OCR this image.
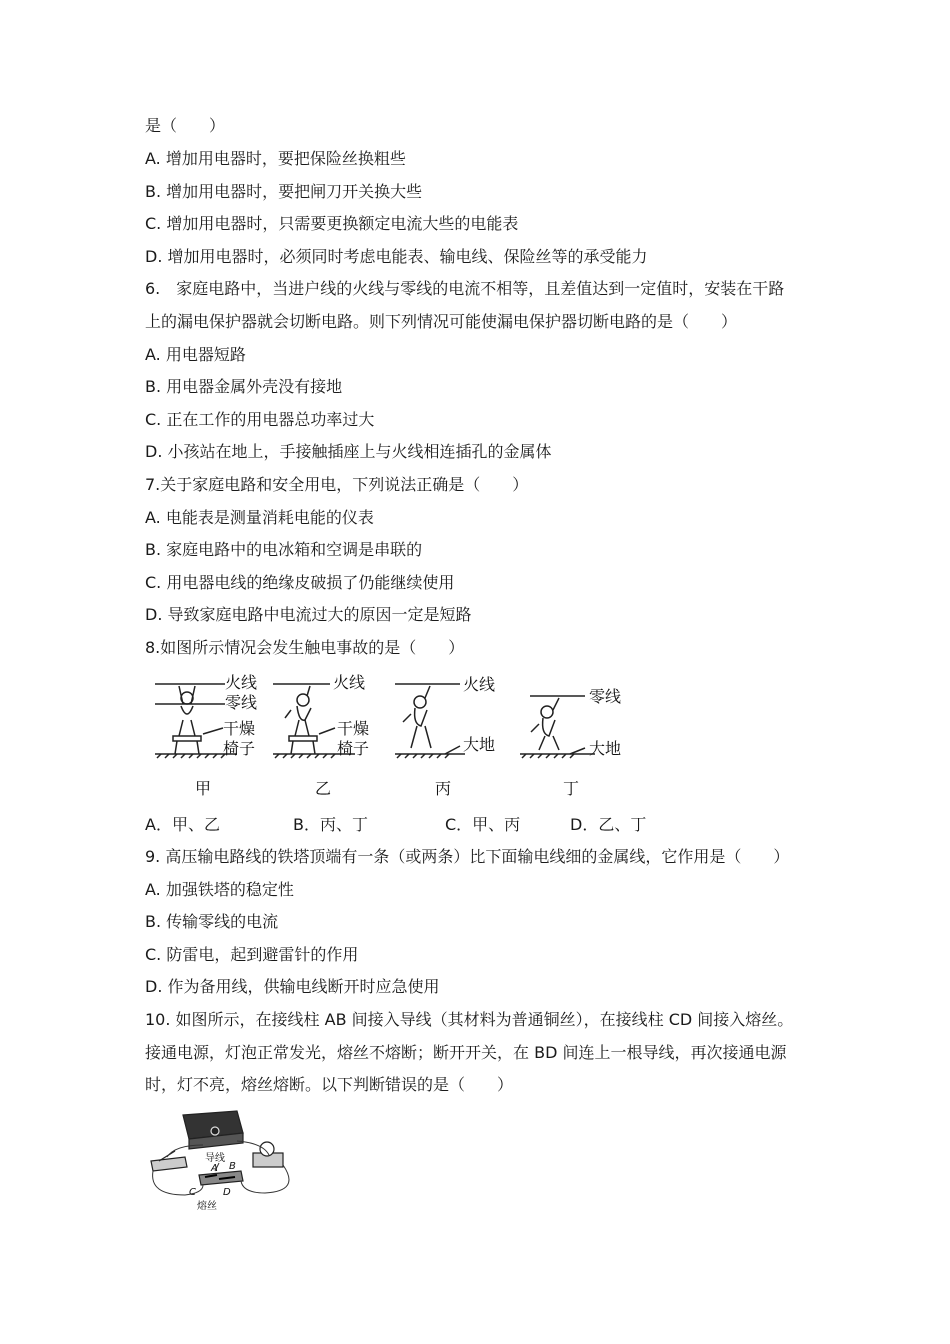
是（　　）
A. 增加用电器时，要把保险丝换粗些
B. 增加用电器时，要把闸刀开关换大些
C. 增加用电器时，只需要更换额定电流大些的电能表
D. 增加用电器时，必须同时考虑电能表、输电线、保险丝等的承受能力
6.　家庭电路中，当进户线的火线与零线的电流不相等，且差值达到一定值时，安装在干路
上的漏电保护器就会切断电路。则下列情况可能使漏电保护器切断电路的是（　　）
A. 用电器短路
B. 用电器金属外壳没有接地
C. 正在工作的用电器总功率过大
D. 小孩站在地上，手接触插座上与火线相连插孔的金属体
7.关于家庭电路和安全用电，下列说法正确是（　　）
A. 电能表是测量消耗电能的仪表
B. 家庭电路中的电冰箱和空调是串联的
C. 用电器电线的绝缘皮破损了仍能继续使用
D. 导致家庭电路中电流过大的原因一定是短路
8.如图所示情况会发生触电事故的是（　　）
火线
零线
干燥
椅子
火线
干燥
椅子
火线
大地
零线
大地
甲	乙	丙	丁
A．甲、乙	B．丙、丁	C．甲、丙	D．乙、丁
9. 高压输电路线的铁塔顶端有一条（或两条）比下面输电线细的金属线，它作用是（　　）
A. 加强铁塔的稳定性
B. 传输零线的电流
C. 防雷电，起到避雷针的作用
D. 作为备用线，供输电线断开时应急使用
10. 如图所示，在接线柱 AB 间接入导线（其材料为普通铜丝），在接线柱 CD 间接入熔丝。
接通电源，灯泡正常发光，熔丝不熔断；断开开关，在 BD 间连上一根导线，再次接通电源
时，灯不亮，熔丝熔断。以下判断错误的是（　　）
导线
A B
C	D
熔丝
